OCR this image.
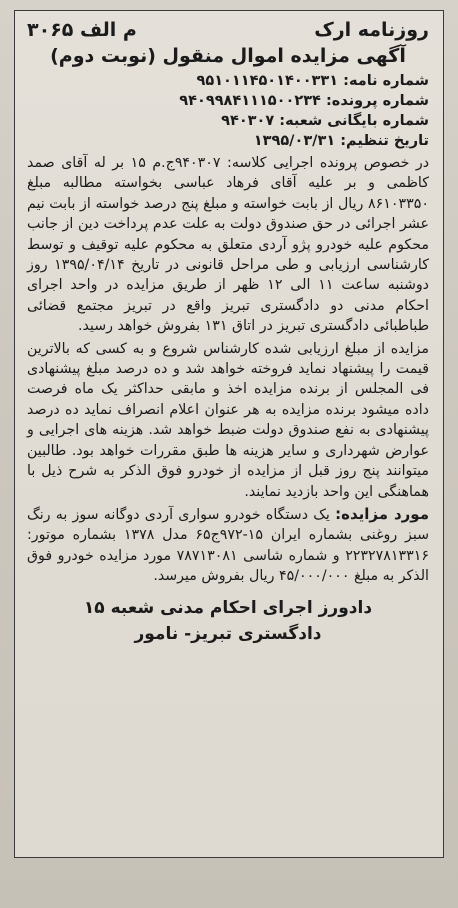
روزنامه ارک
م الف ۳۰۶۵
آگهی مزایده اموال منقول (نوبت دوم)
شماره نامه: ۹۵۱۰۱۱۴۵۰۱۴۰۰۳۳۱
شماره پرونده: ۹۴۰۹۹۸۴۱۱۱۵۰۰۲۳۴
شماره بایگانی شعبه: ۹۴۰۳۰۷
تاریخ تنظیم: ۱۳۹۵/۰۳/۳۱
در خصوص پرونده اجرایی کلاسه: ۹۴۰۳۰۷ج.م ۱۵ بر له آقای صمد کاظمی و بر علیه آقای فرهاد عباسی بخواسته مطالبه مبلغ ۸۶۱۰۳۳۵۰ ریال از بابت خواسته و مبلغ پنج درصد خواسته از بابت نیم عشر اجرائی در حق صندوق دولت به علت عدم پرداخت دین از جانب محکوم علیه خودرو پژو آردی متعلق به محکوم علیه توقیف و توسط کارشناسی ارزیابی و طی مراحل قانونی در تاریخ ۱۳۹۵/۰۴/۱۴ روز دوشنبه ساعت ۱۱ الی ۱۲ ظهر از طریق مزایده در واحد اجرای احکام مدنی دو دادگستری تبریز واقع در تبریز مجتمع قضائی طباطبائی دادگستری تبریز در اتاق ۱۳۱ بفروش خواهد رسید.
مزایده از مبلغ ارزیابی شده کارشناس شروع و به کسی که بالاترین قیمت را پیشنهاد نماید فروخته خواهد شد و ده درصد مبلغ پیشنهادی فی المجلس از برنده مزایده اخذ و مابقی حداکثر یک ماه فرصت داده میشود برنده مزایده به هر عنوان اعلام انصراف نماید ده درصد پیشنهادی به نفع صندوق دولت ضبط خواهد شد. هزینه های اجرایی و عوارض شهرداری و سایر هزینه ها طبق مقررات خواهد بود. طالبین میتوانند پنج روز قبل از مزایده از خودرو فوق الذکر به شرح ذیل با هماهنگی این واحد بازدید نمایند.
مورد مزایده: یک دستگاه خودرو سواری آردی دوگانه سوز به رنگ سبز روغنی بشماره ایران ۱۵-۹۷۲ج۶۵ مدل ۱۳۷۸ بشماره موتور: ۲۲۳۲۷۸۱۳۳۱۶ و شماره شاسی ۷۸۷۱۳۰۸۱ مورد مزایده خودرو فوق الذکر به مبلغ ۴۵/۰۰۰/۰۰۰ ریال بفروش میرسد.
دادورز اجرای احکام مدنی شعبه ۱۵
دادگستری تبریز- نامور
